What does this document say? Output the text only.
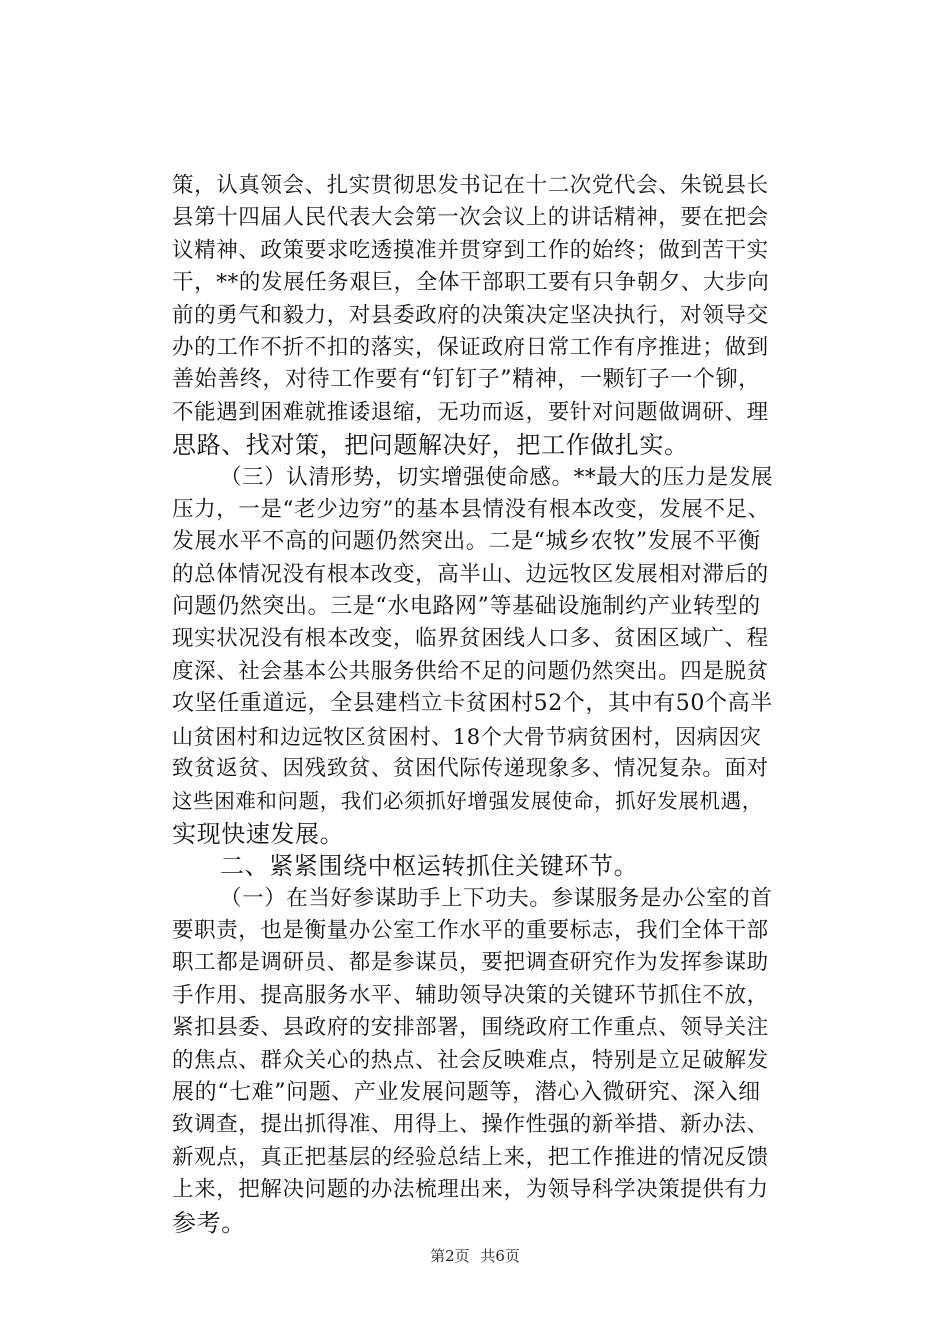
策，认真领会、扎实贯彻思发书记在十二次党代会、朱锐县长
县第十四届人民代表大会第一次会议上的讲话精神，要在把会
议精神、政策要求吃透摸准并贯穿到工作的始终；做到苦干实
干，**的发展任务艰巨，全体干部职工要有只争朝夕、大步向
前的勇气和毅力，对县委政府的决策决定坚决执行，对领导交
办的工作不折不扣的落实，保证政府日常工作有序推进；做到
善始善终，对待工作要有“钉钉子”精神，一颗钉子一个铆，
不能遇到困难就推诿退缩，无功而返，要针对问题做调研、理
思路、找对策，把问题解决好，把工作做扎实。
（三）认清形势，切实增强使命感。**最大的压力是发展
压力，一是“老少边穷”的基本县情没有根本改变，发展不足、
发展水平不高的问题仍然突出。二是“城乡农牧”发展不平衡
的总体情况没有根本改变，高半山、边远牧区发展相对滞后的
问题仍然突出。三是“水电路网”等基础设施制约产业转型的
现实状况没有根本改变，临界贫困线人口多、贫困区域广、程
度深、社会基本公共服务供给不足的问题仍然突出。四是脱贫
攻坚任重道远，全县建档立卡贫困村52个，其中有50个高半
山贫困村和边远牧区贫困村、18个大骨节病贫困村，因病因灾
致贫返贫、因残致贫、贫困代际传递现象多、情况复杂。面对
这些困难和问题，我们必须抓好增强发展使命，抓好发展机遇，
实现快速发展。
二、紧紧围绕中枢运转抓住关键环节。
（一）在当好参谋助手上下功夫。参谋服务是办公室的首
要职责，也是衡量办公室工作水平的重要标志，我们全体干部
职工都是调研员、都是参谋员，要把调查研究作为发挥参谋助
手作用、提高服务水平、辅助领导决策的关键环节抓住不放，
紧扣县委、县政府的安排部署，围绕政府工作重点、领导关注
的焦点、群众关心的热点、社会反映难点，特别是立足破解发
展的“七难”问题、产业发展问题等，潜心入微研究、深入细
致调查，提出抓得准、用得上、操作性强的新举措、新办法、
新观点，真正把基层的经验总结上来，把工作推进的情况反馈
上来，把解决问题的办法梳理出来，为领导科学决策提供有力
参考。
第2页 共6页
